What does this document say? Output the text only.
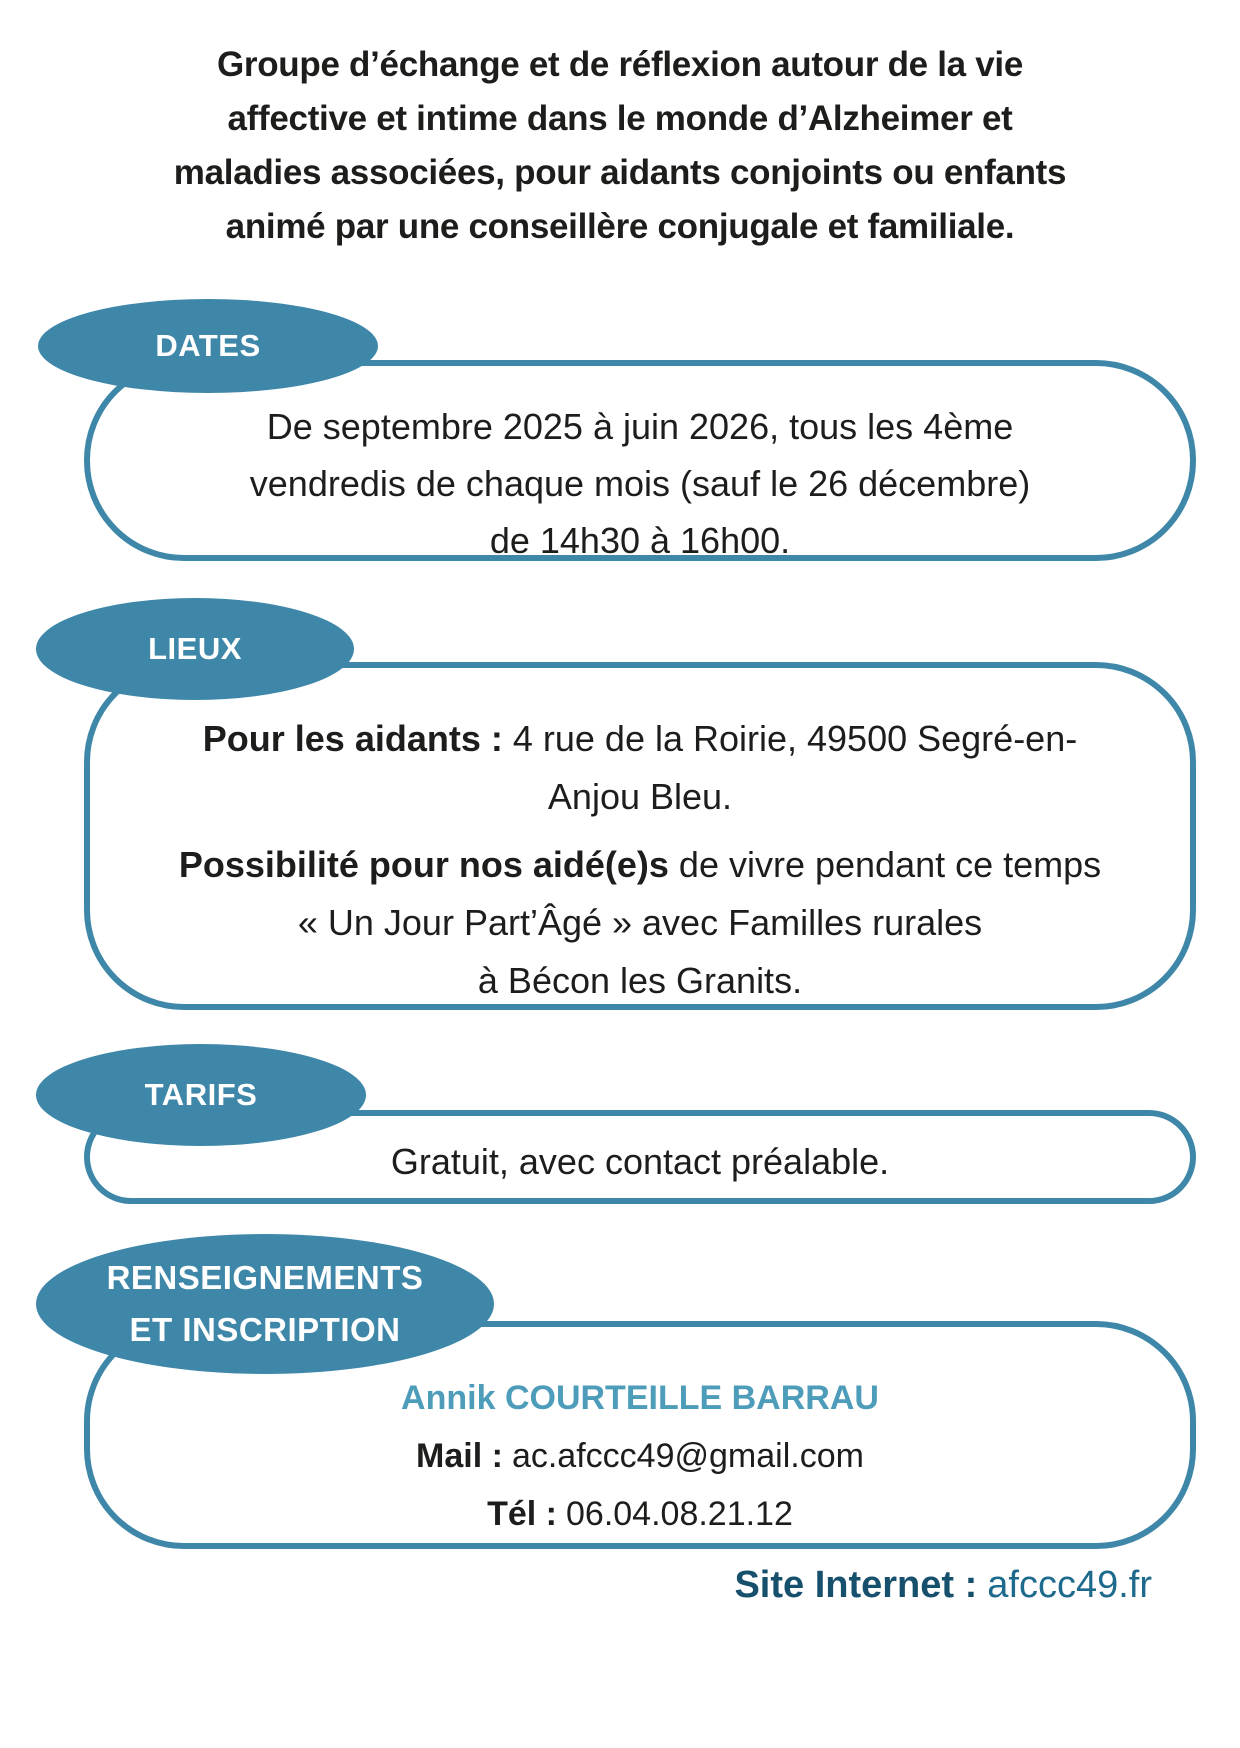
Groupe d’échange et de réflexion autour de la vie
affective et intime dans le monde d’Alzheimer et
maladies associées, pour aidants conjoints ou enfants
animé par une conseillère conjugale et familiale.
DATES
De septembre 2025 à juin 2026, tous les 4ème
vendredis de chaque mois (sauf le 26 décembre)
de 14h30 à 16h00.
LIEUX
Pour les aidants : 4 rue de la Roirie, 49500 Segré-en-
Anjou Bleu.
Possibilité pour nos aidé(e)s de vivre pendant ce temps
« Un Jour Part’Âgé » avec Familles rurales
à Bécon les Granits.
TARIFS
Gratuit, avec contact préalable.
RENSEIGNEMENTS
ET INSCRIPTION
Annik COURTEILLE BARRAU
Mail : ac.afccc49@gmail.com
Tél : 06.04.08.21.12
Site Internet : afccc49.fr
